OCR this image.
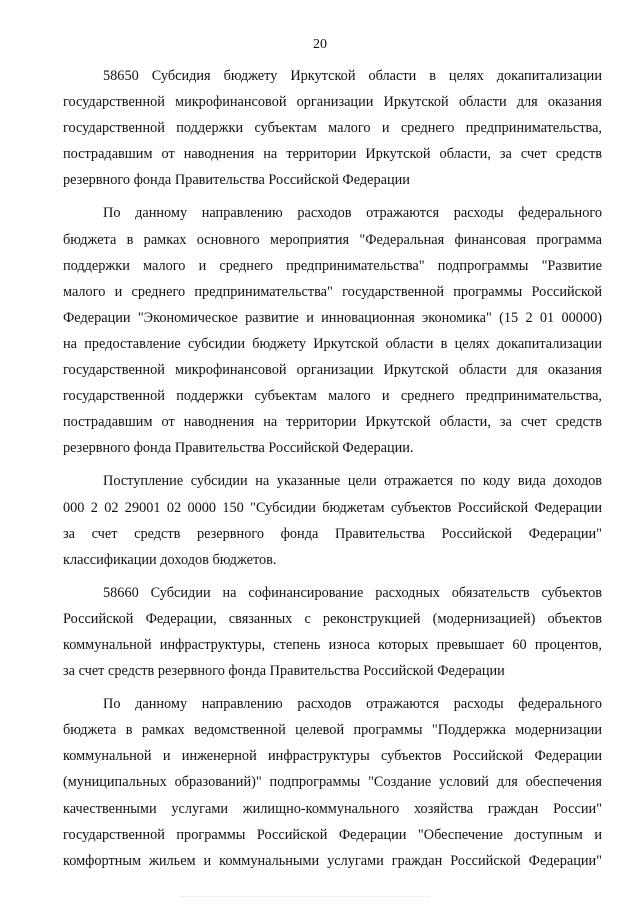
20
58650 Субсидия бюджету Иркутской области в целях докапитализации
государственной микрофинансовой организации Иркутской области для оказания
государственной поддержки субъектам малого и среднего предпринимательства,
пострадавшим от наводнения на территории Иркутской области, за счет средств
резервного фонда Правительства Российской Федерации
По данному направлению расходов отражаются расходы федерального
бюджета в рамках основного мероприятия "Федеральная финансовая программа
поддержки малого и среднего предпринимательства" подпрограммы "Развитие
малого и среднего предпринимательства" государственной программы Российской
Федерации "Экономическое развитие и инновационная экономика" (15 2 01 00000)
на предоставление субсидии бюджету Иркутской области в целях докапитализации
государственной микрофинансовой организации Иркутской области для оказания
государственной поддержки субъектам малого и среднего предпринимательства,
пострадавшим от наводнения на территории Иркутской области, за счет средств
резервного фонда Правительства Российской Федерации.
Поступление субсидии на указанные цели отражается по коду вида доходов
000 2 02 29001 02 0000 150 "Субсидии бюджетам субъектов Российской Федерации
за счет средств резервного фонда Правительства Российской Федерации"
классификации доходов бюджетов.
58660 Субсидии на софинансирование расходных обязательств субъектов
Российской Федерации, связанных с реконструкцией (модернизацией) объектов
коммунальной инфраструктуры, степень износа которых превышает 60 процентов,
за счет средств резервного фонда Правительства Российской Федерации
По данному направлению расходов отражаются расходы федерального
бюджета в рамках ведомственной целевой программы "Поддержка модернизации
коммунальной и инженерной инфраструктуры субъектов Российской Федерации
(муниципальных образований)" подпрограммы "Создание условий для обеспечения
качественными услугами жилищно-коммунального хозяйства граждан России"
государственной программы Российской Федерации "Обеспечение доступным и
комфортным жильем и коммунальными услугами граждан Российской Федерации"
